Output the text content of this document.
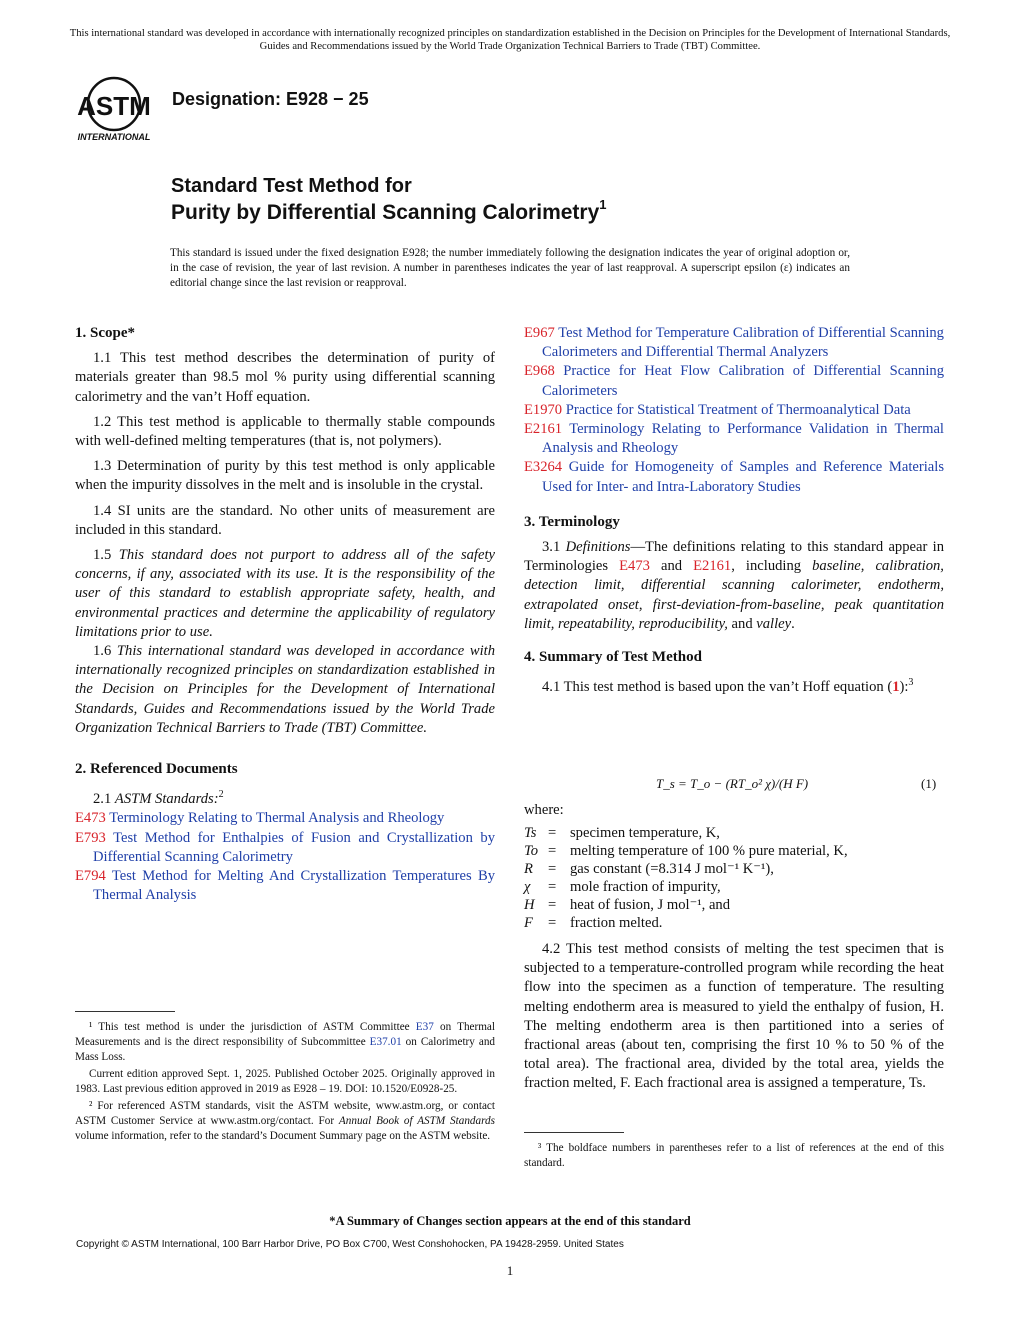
This international standard was developed in accordance with internationally recognized principles on standardization established in the Decision on Principles for the Development of International Standards, Guides and Recommendations issued by the World Trade Organization Technical Barriers to Trade (TBT) Committee.
ASTM
INTERNATIONAL
Designation: E928 − 25
Standard Test Method for
Purity by Differential Scanning Calorimetry$^1$
This standard is issued under the fixed designation E928; the number immediately following the designation indicates the year of original adoption or, in the case of revision, the year of last revision. A number in parentheses indicates the year of last reapproval. A superscript epsilon (ε) indicates an editorial change since the last revision or reapproval.
1. Scope*

1.1 This test method describes the determination of purity of materials greater than 98.5 mol % purity using differential scanning calorimetry and the van’t Hoff equation.

1.2 This test method is applicable to thermally stable compounds with well-defined melting temperatures (that is, not polymers).

1.3 Determination of purity by this test method is only applicable when the impurity dissolves in the melt and is insoluble in the crystal.

1.4 SI units are the standard. No other units of measurement are included in this standard.

1.5 This standard does not purport to address all of the safety concerns, if any, associated with its use. It is the responsibility of the user of this standard to establish appropriate safety, health, and environmental practices and determine the applicability of regulatory limitations prior to use.

1.6 This international standard was developed in accordance with internationally recognized principles on standardization established in the Decision on Principles for the Development of International Standards, Guides and Recommendations issued by the World Trade Organization Technical Barriers to Trade (TBT) Committee.

2. Referenced Documents

2.1 ASTM Standards:$^2$

E473 Terminology Relating to Thermal Analysis and Rheology

E793 Test Method for Enthalpies of Fusion and Crystallization by Differential Scanning Calorimetry

E794 Test Method for Melting And Crystallization Temperatures By Thermal Analysis

¹ This test method is under the jurisdiction of ASTM Committee E37 on Thermal Measurements and is the direct responsibility of Subcommittee E37.01 on Calorimetry and Mass Loss.

Current edition approved Sept. 1, 2025. Published October 2025. Originally approved in 1983. Last previous edition approved in 2019 as E928 – 19. DOI: 10.1520/E0928-25.

² For referenced ASTM standards, visit the ASTM website, www.astm.org, or contact ASTM Customer Service at www.astm.org/contact. For Annual Book of ASTM Standards volume information, refer to the standard’s Document Summary page on the ASTM website.

E967 Test Method for Temperature Calibration of Differential Scanning Calorimeters and Differential Thermal Analyzers

E968 Practice for Heat Flow Calibration of Differential Scanning Calorimeters

E1970 Practice for Statistical Treatment of Thermoanalytical Data

E2161 Terminology Relating to Performance Validation in Thermal Analysis and Rheology

E3264 Guide for Homogeneity of Samples and Reference Materials Used for Inter- and Intra-Laboratory Studies

3. Terminology

3.1 Definitions—The definitions relating to this standard appear in Terminologies E473 and E2161, including baseline, calibration, detection limit, differential scanning calorimeter, endotherm, extrapolated onset, first-deviation-from-baseline, peak quantitation limit, repeatability, reproducibility, and valley.

4. Summary of Test Method

4.1 This test method is based upon the van’t Hoff equation (1):$^3$

T_s = T_o − (RT_o² χ)/(H F)	(1)
where:
Ts	=	specimen temperature, K,
To	=	melting temperature of 100 % pure material, K,
R	=	gas constant (=8.314 J mol⁻¹ K⁻¹),
χ	=	mole fraction of impurity,
H	=	heat of fusion, J mol⁻¹, and
F	=	fraction melted.

4.2 This test method consists of melting the test specimen that is subjected to a temperature-controlled program while recording the heat flow into the specimen as a function of temperature. The resulting melting endotherm area is measured to yield the enthalpy of fusion, H. The melting endotherm area is then partitioned into a series of fractional areas (about ten, comprising the first 10 % to 50 % of the total area). The fractional area, divided by the total area, yields the fraction melted, F. Each fractional area is assigned a temperature, Ts.

³ The boldface numbers in parentheses refer to a list of references at the end of this standard.

*A Summary of Changes section appears at the end of this standard
Copyright © ASTM International, 100 Barr Harbor Drive, PO Box C700, West Conshohocken, PA 19428-2959. United States
1
